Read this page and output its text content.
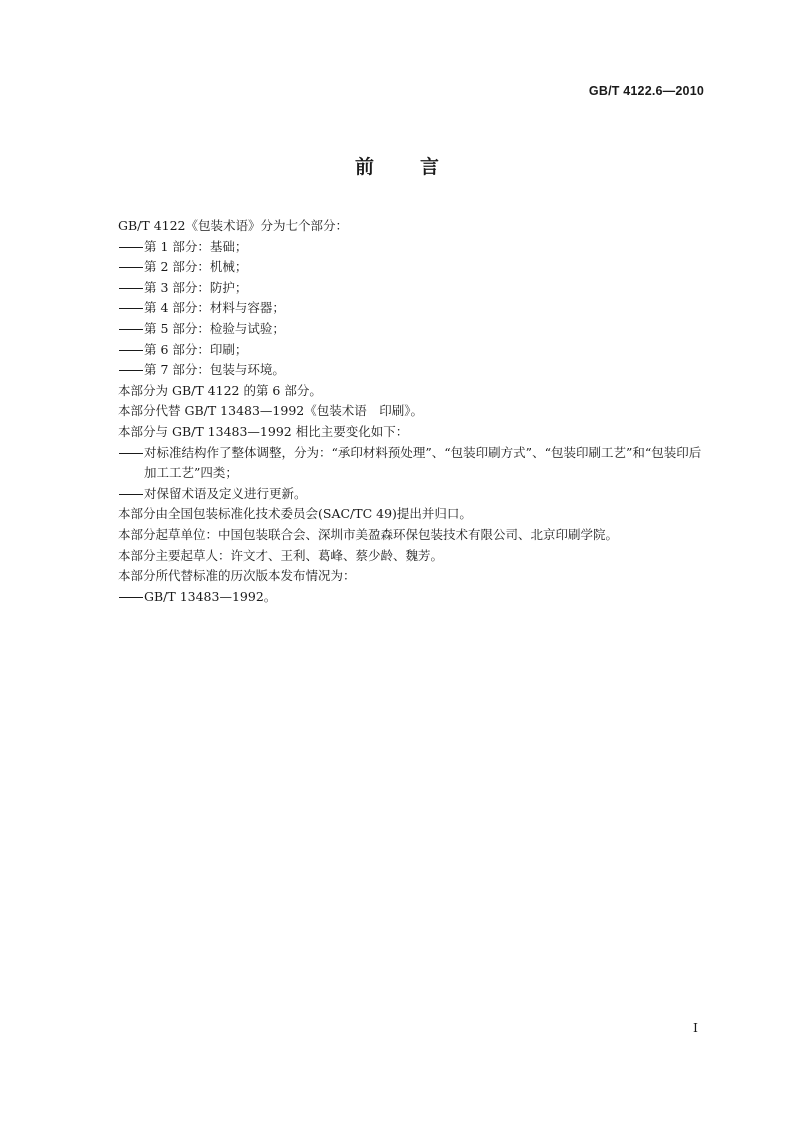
GB/T 4122.6—2010
前言
GB/T 4122《包装术语》分为七个部分：
第 1 部分：基础；
第 2 部分：机械；
第 3 部分：防护；
第 4 部分：材料与容器；
第 5 部分：检验与试验；
第 6 部分：印刷；
第 7 部分：包装与环境。
本部分为 GB/T 4122 的第 6 部分。
本部分代替 GB/T 13483—1992《包装术语　印刷》。
本部分与 GB/T 13483—1992 相比主要变化如下：
对标准结构作了整体调整，分为：“承印材料预处理”、“包装印刷方式”、“包装印刷工艺”和“包装印后加工工艺”四类；
对保留术语及定义进行更新。
本部分由全国包装标准化技术委员会(SAC/TC 49)提出并归口。
本部分起草单位：中国包装联合会、深圳市美盈森环保包装技术有限公司、北京印刷学院。
本部分主要起草人：许文才、王利、葛峰、蔡少龄、魏芳。
本部分所代替标准的历次版本发布情况为：
GB/T 13483—1992。
I
